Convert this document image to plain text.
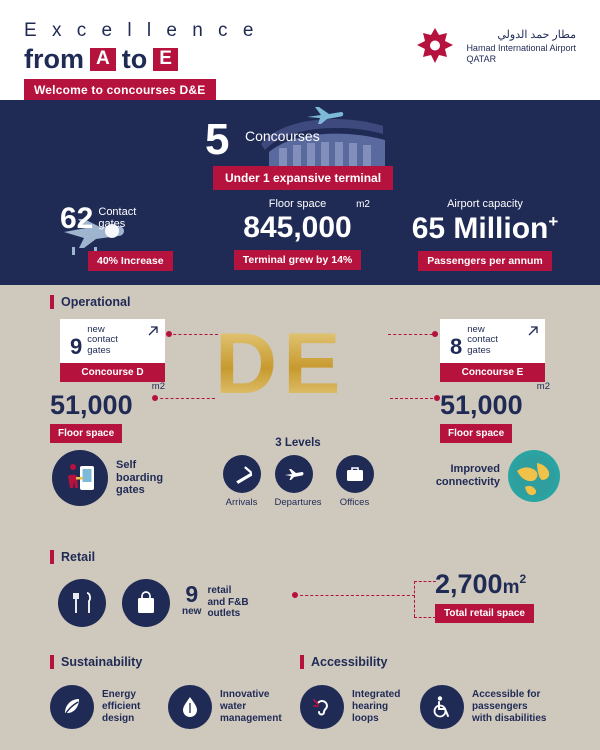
E x c e l l e n c e
from A to E
Welcome to concourses D&E
مطار حمد الدولي
Hamad International Airport
QATAR
5 Concourses
Under 1 expansive terminal
62 Contact
gates
40% Increase
Floor space	m2
845,000
Terminal grew by 14%
Airport capacity
65 Million+
Passengers per annum
Operational
DE
9
new
contact
gates
Concourse D
8
new
contact
gates
Concourse E
m2
51,000
Floor space
m2
51,000
Floor space
Self
boarding
gates
3 Levels
Arrivals	Departures	Offices
Improved
connectivity
Retail
9
new
retail
and F&B
outlets
$2,700m^2$
Total retail space
Sustainability	Accessibility
Energy
efficient
design
Innovative
water
management
Integrated
hearing
loops
Accessible for
passengers
with disabilities
